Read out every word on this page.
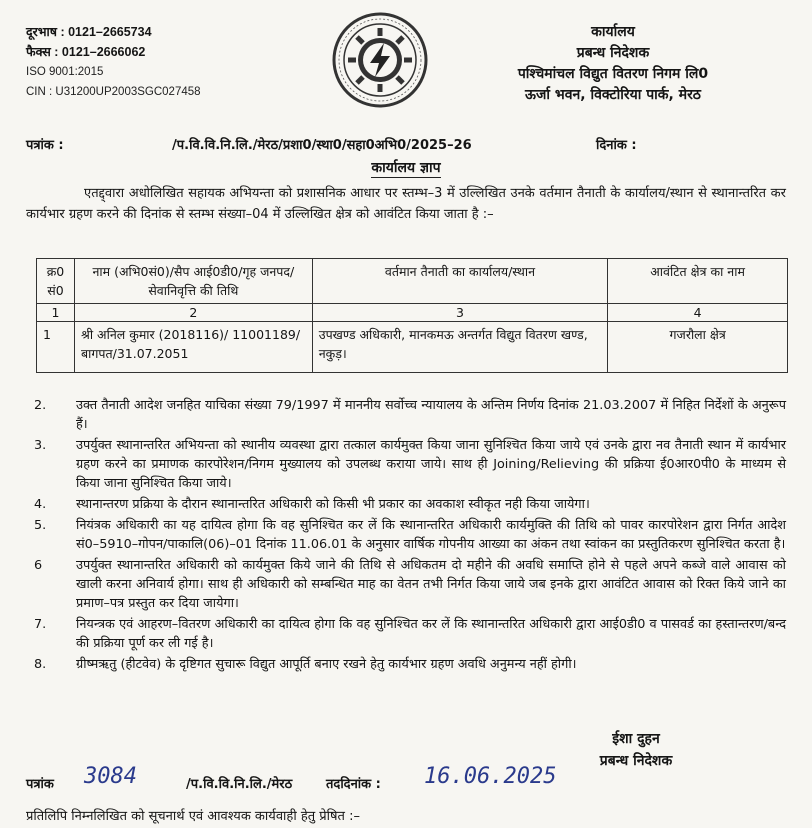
दूरभाष : 0121–2665734
फैक्स : 0121–2666062
ISO 9001:2015
CIN : U31200UP2003SGC027458
कार्यालय
प्रबन्ध निदेशक
पश्चिमांचल विद्युत वितरण निगम लि0
ऊर्जा भवन, विक्टोरिया पार्क, मेरठ
पत्रांक :	/प.वि.वि.नि.लि./मेरठ/प्रशा0/स्था0/सहा0अभि0/2025–26	दिनांक :
कार्यालय ज्ञाप
एतद्द्वारा अधोलिखित सहायक अभियन्ता को प्रशासनिक आधार पर स्तम्भ–3 में उल्लिखित उनके वर्तमान तैनाती के कार्यालय/स्थान से स्थानान्तरित कर कार्यभार ग्रहण करने की दिनांक से स्तम्भ संख्या–04 में उल्लिखित क्षेत्र को आवंटित किया जाता है :–
क्र0 सं0	नाम (अभि0सं0)/सैप आई0डी0/गृह जनपद/सेवानिवृत्ति की तिथि	वर्तमान तैनाती का कार्यालय/स्थान	आवंटित क्षेत्र का नाम
1	2	3	4
1	श्री अनिल कुमार (2018116)/ 11001189/बागपत/31.07.2051	उपखण्ड अधिकारी, मानकमऊ अन्तर्गत विद्युत वितरण खण्ड, नकुड़।	गजरौला क्षेत्र
2. उक्त तैनाती आदेश जनहित याचिका संख्या 79/1997 में माननीय सर्वोच्च न्यायालय के अन्तिम निर्णय दिनांक 21.03.2007 में निहित निर्देशों के अनुरूप हैं।
3. उपर्युक्त स्थानान्तरित अभियन्ता को स्थानीय व्यवस्था द्वारा तत्काल कार्यमुक्त किया जाना सुनिश्चित किया जाये एवं उनके द्वारा नव तैनाती स्थान में कार्यभार ग्रहण करने का प्रमाणक कारपोरेशन/निगम मुख्यालय को उपलब्ध कराया जाये। साथ ही Joining/Relieving की प्रक्रिया ई0आर0पी0 के माध्यम से किया जाना सुनिश्चित किया जाये।
4. स्थानान्तरण प्रक्रिया के दौरान स्थानान्तरित अधिकारी को किसी भी प्रकार का अवकाश स्वीकृत नही किया जायेगा।
5. नियंत्रक अधिकारी का यह दायित्व होगा कि वह सुनिश्चित कर लें कि स्थानान्तरित अधिकारी कार्यमुक्ति की तिथि को पावर कारपोरेशन द्वारा निर्गत आदेश सं0–5910–गोपन/पाकालि(06)–01 दिनांक 11.06.01 के अनुसार वार्षिक गोपनीय आख्या का अंकन तथा स्वांकन का प्रस्तुतिकरण सुनिश्चित करता है।
6	उपर्युक्त स्थानान्तरित अधिकारी को कार्यमुक्त किये जाने की तिथि से अधिकतम दो महीने की अवधि समाप्ति होने से पहले अपने कब्जे वाले आवास को खाली करना अनिवार्य होगा। साथ ही अधिकारी को सम्बन्धित माह का वेतन तभी निर्गत किया जाये जब इनके द्वारा आवंटित आवास को रिक्त किये जाने का प्रमाण–पत्र प्रस्तुत कर दिया जायेगा।
7. नियन्त्रक एवं आहरण–वितरण अधिकारी का दायित्व होगा कि वह सुनिश्चित कर लें कि स्थानान्तरित अधिकारी द्वारा आई0डी0 व पासवर्ड का हस्तान्तरण/बन्द की प्रक्रिया पूर्ण कर ली गई है।
8. ग्रीष्मऋतु (हीटवेव) के दृष्टिगत सुचारू विद्युत आपूर्ति बनाए रखने हेतु कार्यभार ग्रहण अवधि अनुमन्य नहीं होगी।
ईशा दुहन
प्रबन्ध निदेशक
पत्रांक 3084	/प.वि.वि.नि.लि./मेरठ	तददिनांक : 16.06.2025
प्रतिलिपि निम्नलिखित को सूचनार्थ एवं आवश्यक कार्यवाही हेतु प्रेषित :–
